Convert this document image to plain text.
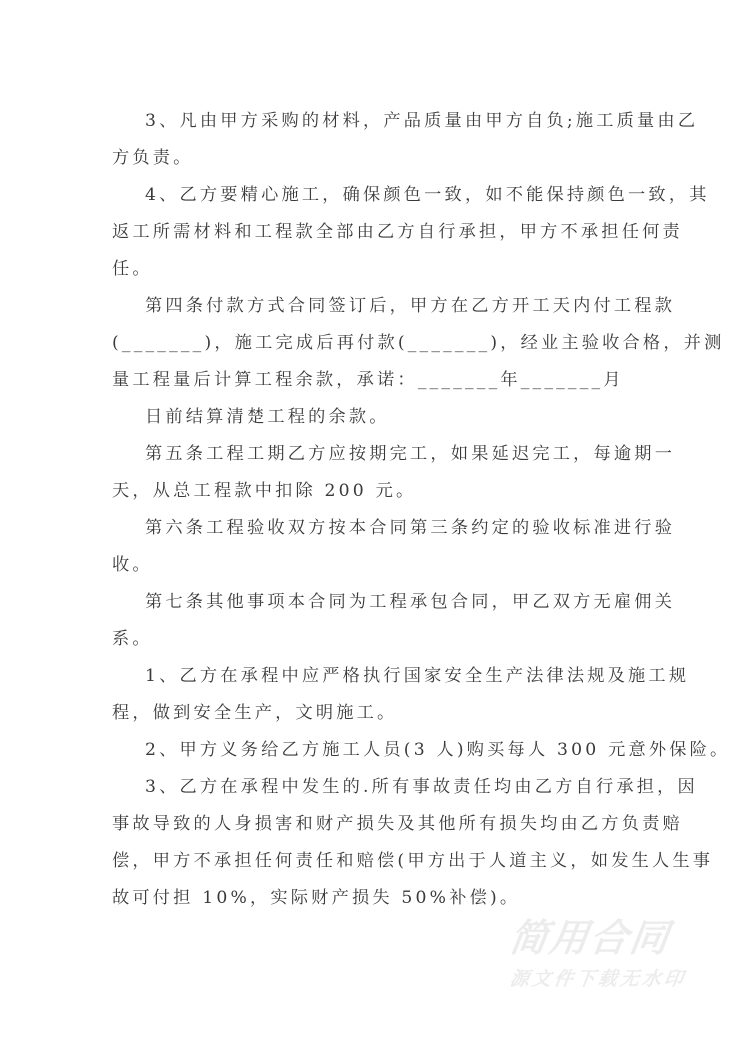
3、凡由甲方采购的材料，产品质量由甲方自负;施工质量由乙
方负责。

4、乙方要精心施工，确保颜色一致，如不能保持颜色一致，其
返工所需材料和工程款全部由乙方自行承担，甲方不承担任何责
任。

第四条付款方式合同签订后，甲方在乙方开工天内付工程款
(_______)，施工完成后再付款(_______)，经业主验收合格，并测
量工程量后计算工程余款，承诺：_______年_______月

日前结算清楚工程的余款。

第五条工程工期乙方应按期完工，如果延迟完工，每逾期一
天，从总工程款中扣除 200 元。

第六条工程验收双方按本合同第三条约定的验收标准进行验
收。

第七条其他事项本合同为工程承包合同，甲乙双方无雇佣关
系。

1、乙方在承程中应严格执行国家安全生产法律法规及施工规
程，做到安全生产，文明施工。

2、甲方义务给乙方施工人员(3 人)购买每人 300 元意外保险。

3、乙方在承程中发生的.所有事故责任均由乙方自行承担，因
事故导致的人身损害和财产损失及其他所有损失均由乙方负责赔
偿，甲方不承担任何责任和赔偿(甲方出于人道主义，如发生人生事
故可付担 10%，实际财产损失 50%补偿)。

简用合同
源文件下载无水印
